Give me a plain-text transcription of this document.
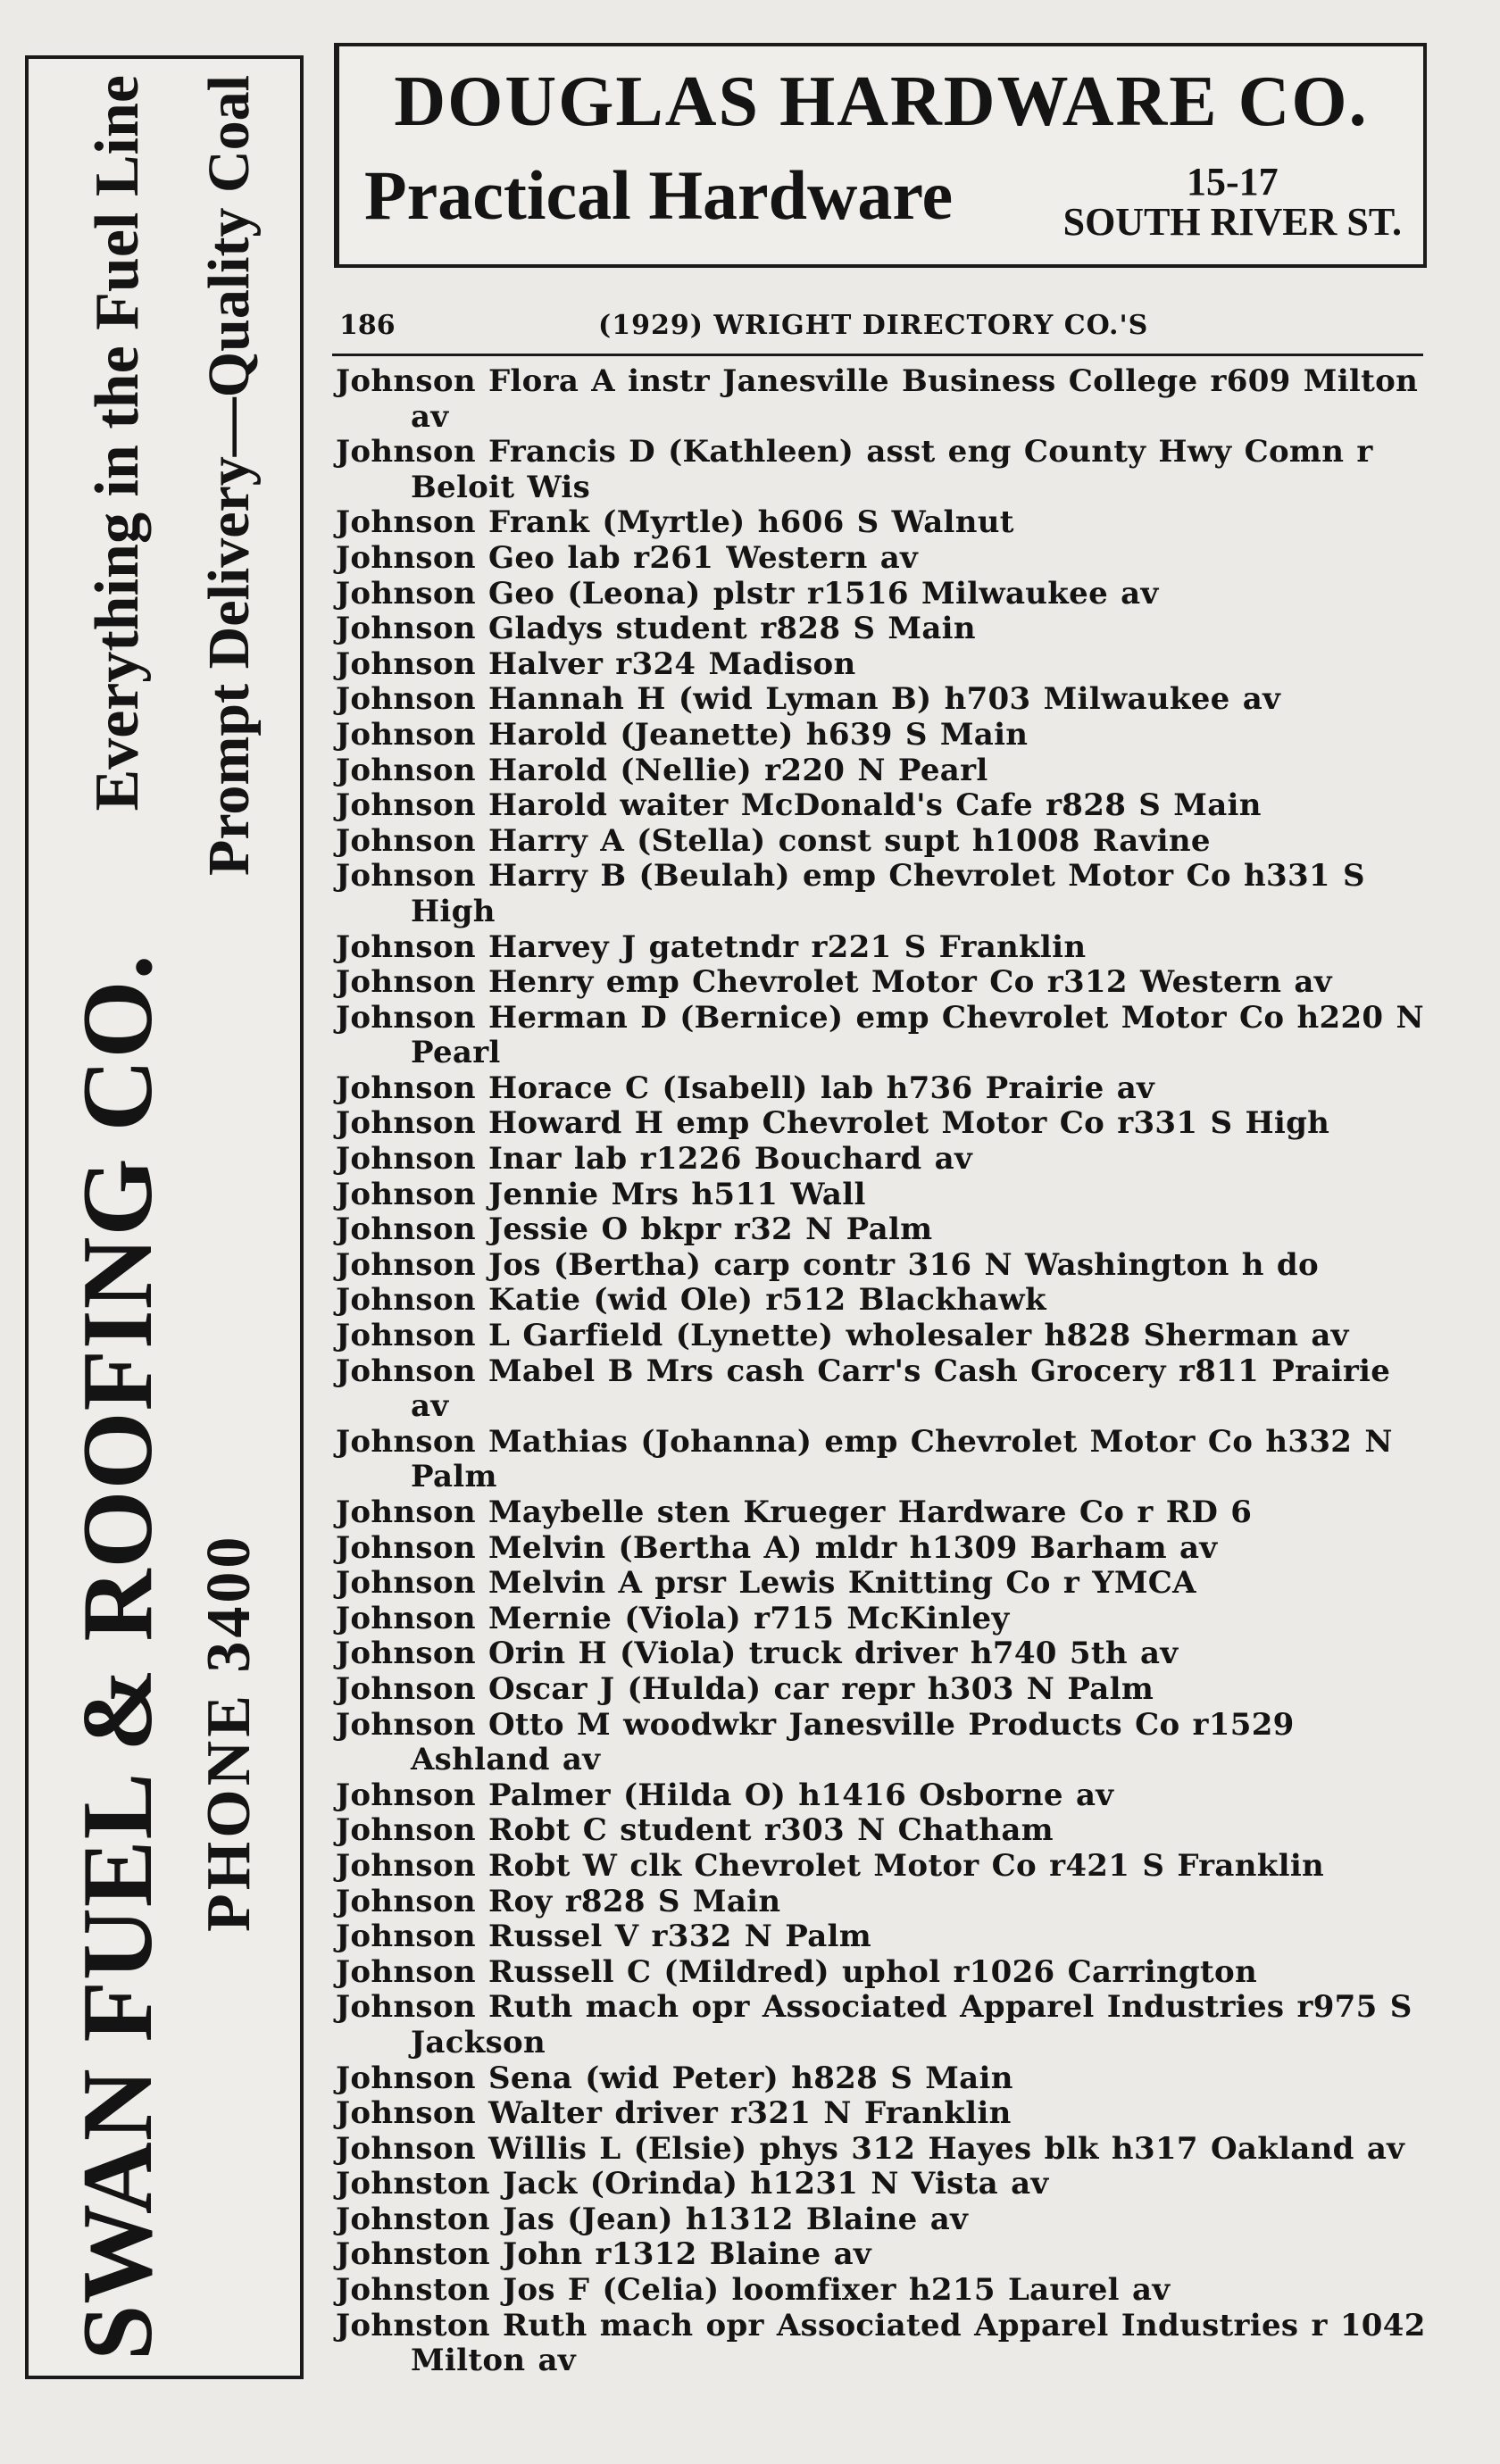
SWAN FUEL & ROOFING CO.
Everything in the Fuel Line
PHONE 3400
Prompt Delivery—Quality Coal	DOUGLAS HARDWARE CO.
Practical Hardware	15-17
SOUTH RIVER ST.
186	(1929) WRIGHT DIRECTORY CO.'S
Johnson Flora A instr Janesville Business College r609 Milton av
Johnson Francis D (Kathleen) asst eng County Hwy Comn r Beloit Wis
Johnson Frank (Myrtle) h606 S Walnut
Johnson Geo lab r261 Western av
Johnson Geo (Leona) plstr r1516 Milwaukee av
Johnson Gladys student r828 S Main
Johnson Halver r324 Madison
Johnson Hannah H (wid Lyman B) h703 Milwaukee av
Johnson Harold (Jeanette) h639 S Main
Johnson Harold (Nellie) r220 N Pearl
Johnson Harold waiter McDonald's Cafe r828 S Main
Johnson Harry A (Stella) const supt h1008 Ravine
Johnson Harry B (Beulah) emp Chevrolet Motor Co h331 S High
Johnson Harvey J gatetndr r221 S Franklin
Johnson Henry emp Chevrolet Motor Co r312 Western av
Johnson Herman D (Bernice) emp Chevrolet Motor Co h220 N Pearl
Johnson Horace C (Isabell) lab h736 Prairie av
Johnson Howard H emp Chevrolet Motor Co r331 S High
Johnson Inar lab r1226 Bouchard av
Johnson Jennie Mrs h511 Wall
Johnson Jessie O bkpr r32 N Palm
Johnson Jos (Bertha) carp contr 316 N Washington h do
Johnson Katie (wid Ole) r512 Blackhawk
Johnson L Garfield (Lynette) wholesaler h828 Sherman av
Johnson Mabel B Mrs cash Carr's Cash Grocery r811 Prairie av
Johnson Mathias (Johanna) emp Chevrolet Motor Co h332 N Palm
Johnson Maybelle sten Krueger Hardware Co r RD 6
Johnson Melvin (Bertha A) mldr h1309 Barham av
Johnson Melvin A prsr Lewis Knitting Co r YMCA
Johnson Mernie (Viola) r715 McKinley
Johnson Orin H (Viola) truck driver h740 5th av
Johnson Oscar J (Hulda) car repr h303 N Palm
Johnson Otto M woodwkr Janesville Products Co r1529 Ashland av
Johnson Palmer (Hilda O) h1416 Osborne av
Johnson Robt C student r303 N Chatham
Johnson Robt W clk Chevrolet Motor Co r421 S Franklin
Johnson Roy r828 S Main
Johnson Russel V r332 N Palm
Johnson Russell C (Mildred) uphol r1026 Carrington
Johnson Ruth mach opr Associated Apparel Industries r975 S Jackson
Johnson Sena (wid Peter) h828 S Main
Johnson Walter driver r321 N Franklin
Johnson Willis L (Elsie) phys 312 Hayes blk h317 Oakland av
Johnston Jack (Orinda) h1231 N Vista av
Johnston Jas (Jean) h1312 Blaine av
Johnston John r1312 Blaine av
Johnston Jos F (Celia) loomfixer h215 Laurel av
Johnston Ruth mach opr Associated Apparel Industries r 1042 Milton av
